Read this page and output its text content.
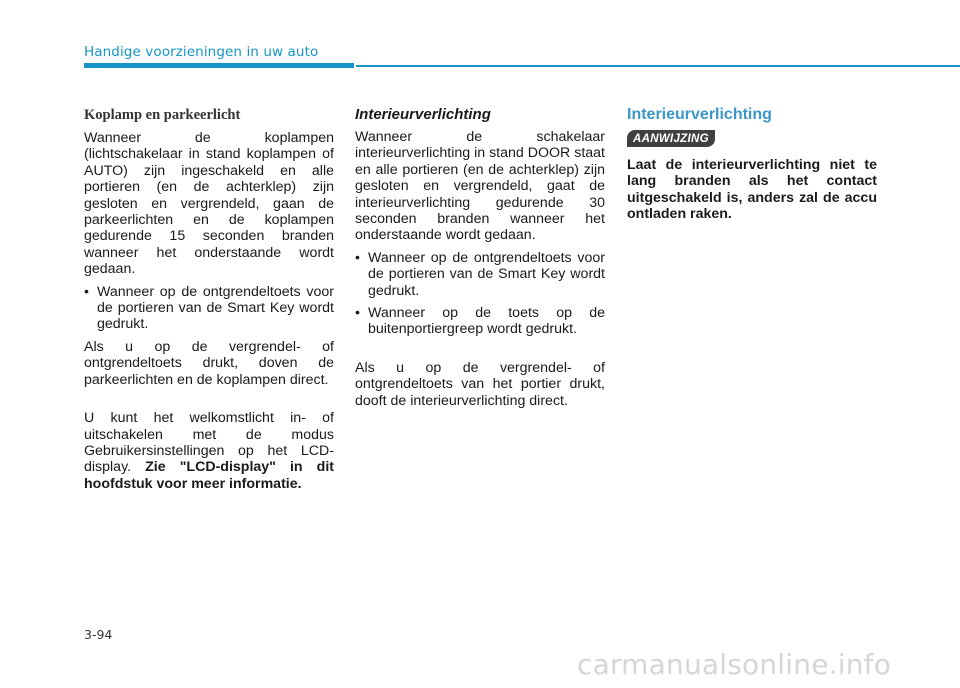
Handige voorzieningen in uw auto
Koplamp en parkeerlicht

Wanneer de koplampen (lichtschakelaar in stand koplampen of AUTO) zijn ingeschakeld en alle portieren (en de achterklep) zijn gesloten en vergrendeld, gaan de parkeerlichten en de koplampen gedurende 15 seconden branden wanneer het onderstaande wordt gedaan.

• Wanneer op de ontgrendeltoets voor de portieren van de Smart Key wordt gedrukt.

Als u op de vergrendel- of ontgrendeltoets drukt, doven de parkeerlichten en de koplampen direct.

U kunt het welkomstlicht in- of uitschakelen met de modus Gebruikersinstellingen op het LCD-display. Zie "LCD-display" in dit hoofdstuk voor meer informatie.

Interieurverlichting

Wanneer de schakelaar interieurverlichting in stand DOOR staat en alle portieren (en de achterklep) zijn gesloten en vergrendeld, gaat de interieurverlichting gedurende 30 seconden branden wanneer het onderstaande wordt gedaan.

• Wanneer op de ontgrendeltoets voor de portieren van de Smart Key wordt gedrukt.
• Wanneer op de toets op de buitenportiergreep wordt gedrukt.

Als u op de vergrendel- of ontgrendeltoets van het portier drukt, dooft de interieurverlichting direct.

Interieurverlichting
AANWIJZING

Laat de interieurverlichting niet te lang branden als het contact uitgeschakeld is, anders zal de accu ontladen raken.

3-94
carmanualsonline.info
